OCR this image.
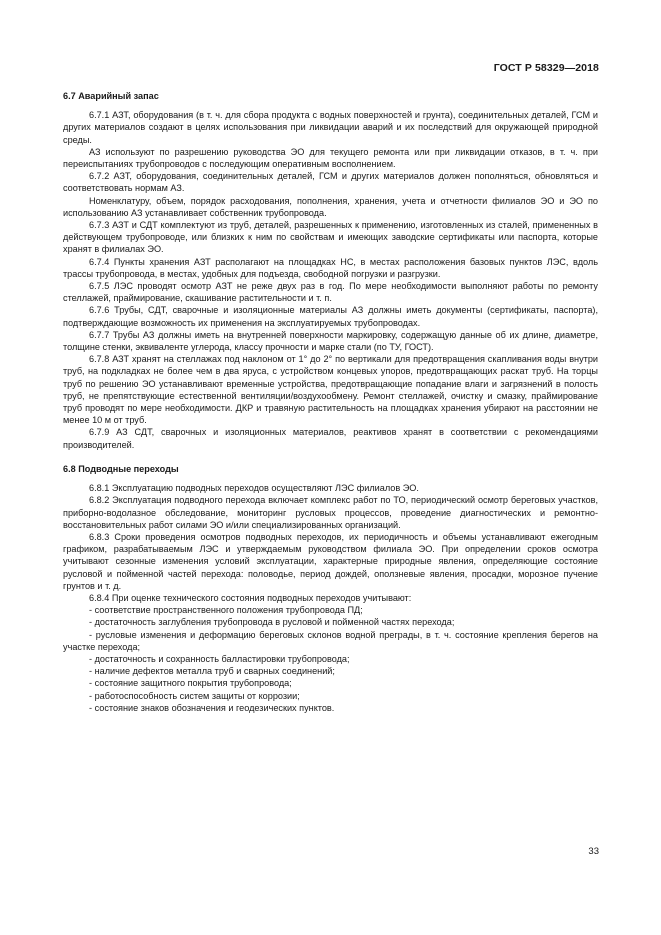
ГОСТ Р 58329—2018
6.7 Аварийный запас

6.7.1 АЗТ, оборудования (в т. ч. для сбора продукта с водных поверхностей и грунта), соединительных деталей, ГСМ и других материалов создают в целях использования при ликвидации аварий и их последствий для окружающей природной среды.

АЗ используют по разрешению руководства ЭО для текущего ремонта или при ликвидации отказов, в т. ч. при переиспытаниях трубопроводов с последующим оперативным восполнением.

6.7.2 АЗТ, оборудования, соединительных деталей, ГСМ и других материалов должен пополняться, обновляться и соответствовать нормам АЗ.

Номенклатуру, объем, порядок расходования, пополнения, хранения, учета и отчетности филиалов ЭО и ЭО по использованию АЗ устанавливает собственник трубопровода.

6.7.3 АЗТ и СДТ комплектуют из труб, деталей, разрешенных к применению, изготовленных из сталей, примененных в действующем трубопроводе, или близких к ним по свойствам и имеющих заводские сертификаты или паспорта, которые хранят в филиалах ЭО.

6.7.4 Пункты хранения АЗТ располагают на площадках НС, в местах расположения базовых пунктов ЛЭС, вдоль трассы трубопровода, в местах, удобных для подъезда, свободной погрузки и разгрузки.

6.7.5 ЛЭС проводят осмотр АЗТ не реже двух раз в год. По мере необходимости выполняют работы по ремонту стеллажей, праймирование, скашивание растительности и т. п.

6.7.6 Трубы, СДТ, сварочные и изоляционные материалы АЗ должны иметь документы (сертификаты, паспорта), подтверждающие возможность их применения на эксплуатируемых трубопроводах.

6.7.7 Трубы АЗ должны иметь на внутренней поверхности маркировку, содержащую данные об их длине, диаметре, толщине стенки, эквиваленте углерода, классу прочности и марке стали (по ТУ, ГОСТ).

6.7.8 АЗТ хранят на стеллажах под наклоном от 1° до 2° по вертикали для предотвращения скапливания воды внутри труб, на подкладках не более чем в два яруса, с устройством концевых упоров, предотвращающих раскат труб. На торцы труб по решению ЭО устанавливают временные устройства, предотвращающие попадание влаги и загрязнений в полость труб, не препятствующие естественной вентиляции/воздухообмену. Ремонт стеллажей, очистку и смазку, праймирование труб проводят по мере необходимости. ДКР и травяную растительность на площадках хранения убирают на расстоянии не менее 10 м от труб.

6.7.9 АЗ СДТ, сварочных и изоляционных материалов, реактивов хранят в соответствии с рекомендациями производителей.

6.8 Подводные переходы

6.8.1 Эксплуатацию подводных переходов осуществляют ЛЭС филиалов ЭО.

6.8.2 Эксплуатация подводного перехода включает комплекс работ по ТО, периодический осмотр береговых участков, приборно-водолазное обследование, мониторинг русловых процессов, проведение диагностических и ремонтно-восстановительных работ силами ЭО и/или специализированных организаций.

6.8.3 Сроки проведения осмотров подводных переходов, их периодичность и объемы устанавливают ежегодным графиком, разрабатываемым ЛЭС и утверждаемым руководством филиала ЭО. При определении сроков осмотра учитывают сезонные изменения условий эксплуатации, характерные природные явления, определяющие состояние русловой и пойменной частей перехода: половодье, период дождей, оползневые явления, просадки, морозное пучение грунтов и т. д.

6.8.4 При оценке технического состояния подводных переходов учитывают:

- соответствие пространственного положения трубопровода ПД;

- достаточность заглубления трубопровода в русловой и пойменной частях перехода;

- русловые изменения и деформацию береговых склонов водной преграды, в т. ч. состояние крепления берегов на участке перехода;

- достаточность и сохранность балластировки трубопровода;

- наличие дефектов металла труб и сварных соединений;

- состояние защитного покрытия трубопровода;

- работоспособность систем защиты от коррозии;

- состояние знаков обозначения и геодезических пунктов.

33
